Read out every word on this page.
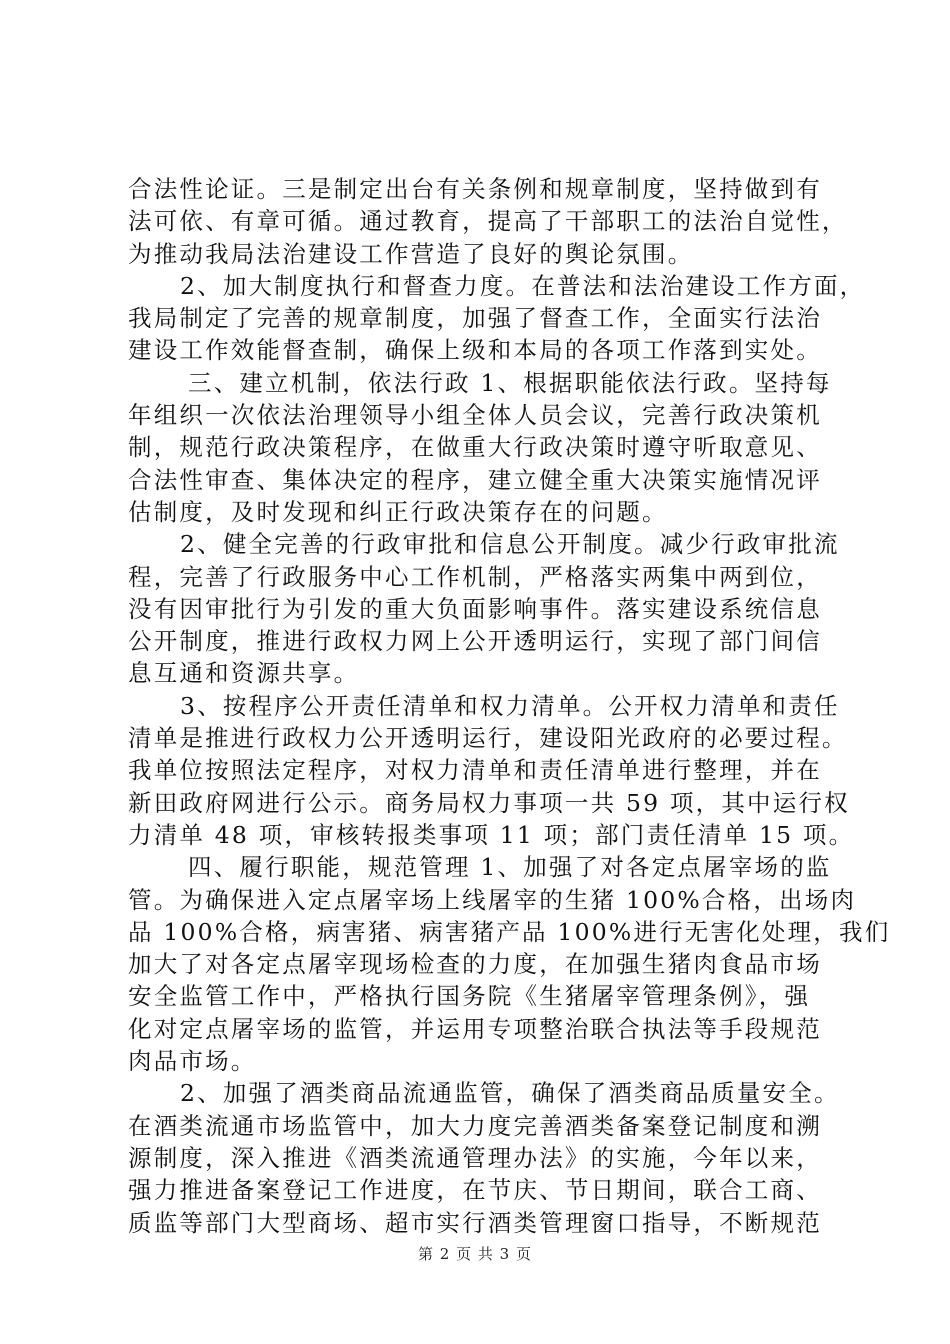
合法性论证。三是制定出台有关条例和规章制度，坚持做到有
法可依、有章可循。通过教育，提高了干部职工的法治自觉性，
为推动我局法治建设工作营造了良好的舆论氛围。
2、加大制度执行和督查力度。在普法和法治建设工作方面，
我局制定了完善的规章制度，加强了督查工作，全面实行法治
建设工作效能督查制，确保上级和本局的各项工作落到实处。
三、建立机制，依法行政 1、根据职能依法行政。坚持每
年组织一次依法治理领导小组全体人员会议，完善行政决策机
制，规范行政决策程序，在做重大行政决策时遵守听取意见、
合法性审查、集体决定的程序，建立健全重大决策实施情况评
估制度，及时发现和纠正行政决策存在的问题。
2、健全完善的行政审批和信息公开制度。减少行政审批流
程，完善了行政服务中心工作机制，严格落实两集中两到位，
没有因审批行为引发的重大负面影响事件。落实建设系统信息
公开制度，推进行政权力网上公开透明运行，实现了部门间信
息互通和资源共享。
3、按程序公开责任清单和权力清单。公开权力清单和责任
清单是推进行政权力公开透明运行，建设阳光政府的必要过程。
我单位按照法定程序，对权力清单和责任清单进行整理，并在
新田政府网进行公示。商务局权力事项一共 59 项，其中运行权
力清单 48 项，审核转报类事项 11 项；部门责任清单 15 项。
四、履行职能，规范管理 1、加强了对各定点屠宰场的监
管。为确保进入定点屠宰场上线屠宰的生猪 100%合格，出场肉
品 100%合格，病害猪、病害猪产品 100%进行无害化处理，我们
加大了对各定点屠宰现场检查的力度，在加强生猪肉食品市场
安全监管工作中，严格执行国务院《生猪屠宰管理条例》，强
化对定点屠宰场的监管，并运用专项整治联合执法等手段规范
肉品市场。
2、加强了酒类商品流通监管，确保了酒类商品质量安全。
在酒类流通市场监管中，加大力度完善酒类备案登记制度和溯
源制度，深入推进《酒类流通管理办法》的实施，今年以来，
强力推进备案登记工作进度，在节庆、节日期间，联合工商、
质监等部门大型商场、超市实行酒类管理窗口指导，不断规范
第 2 页 共 3 页
